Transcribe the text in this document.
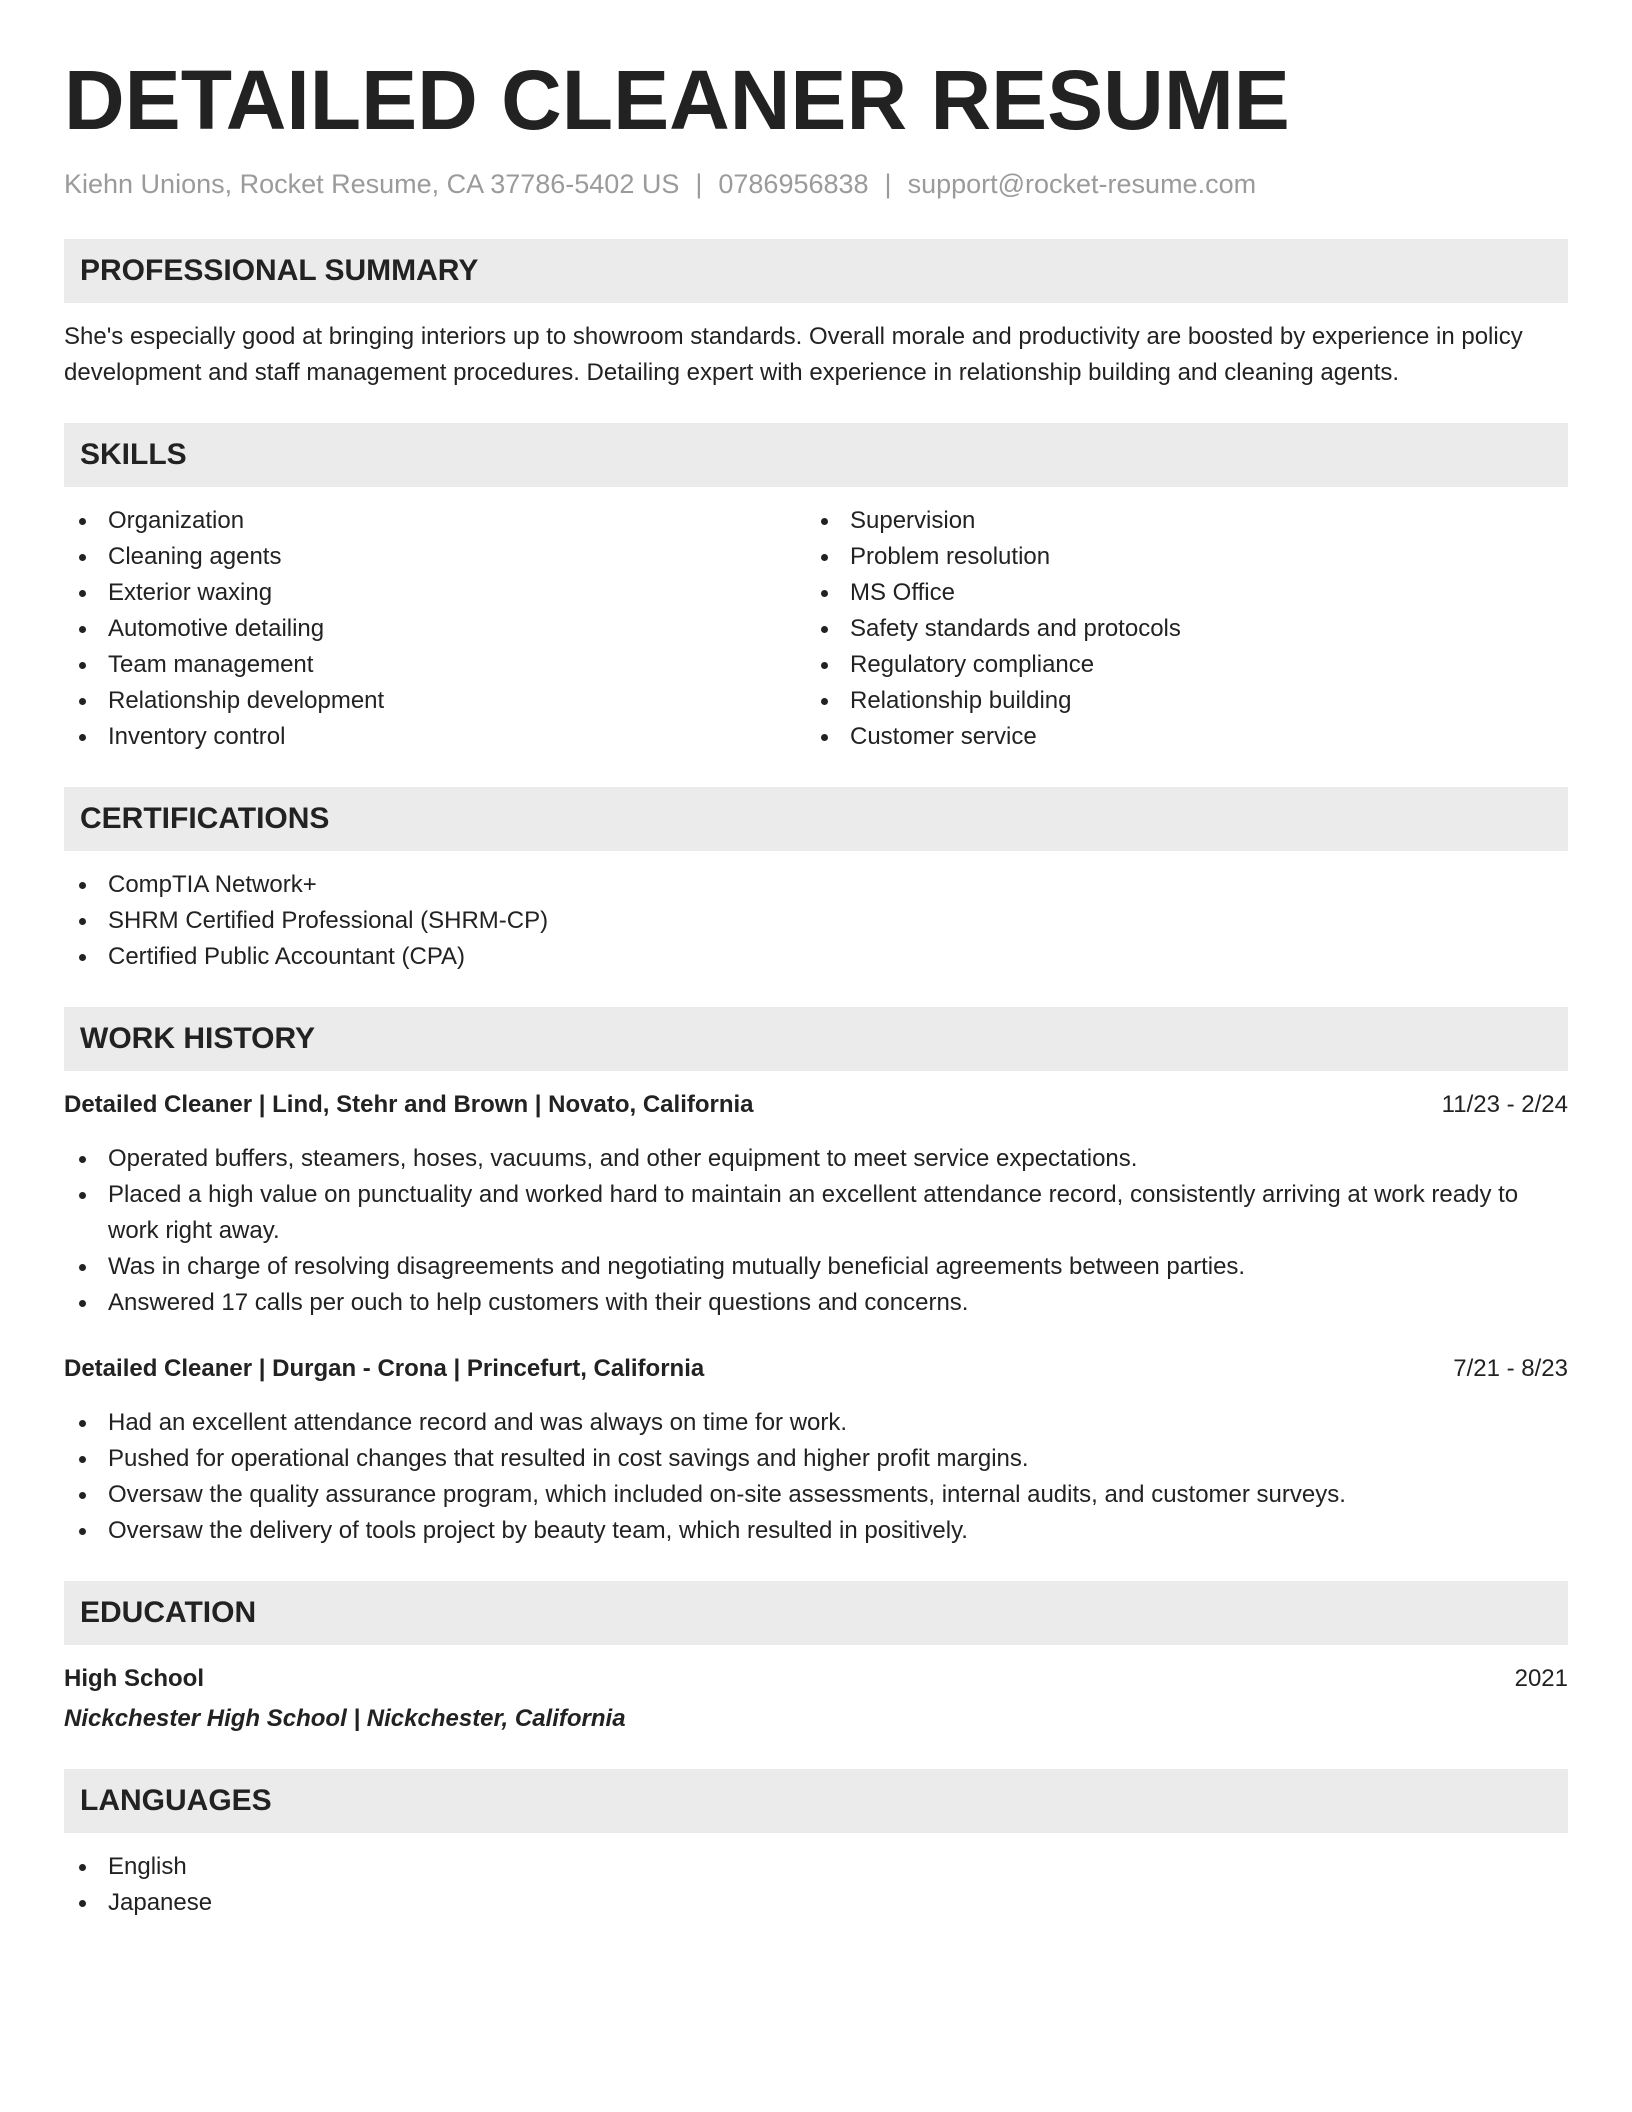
DETAILED CLEANER RESUME
Kiehn Unions, Rocket Resume, CA 37786-5402 US | 0786956838 | support@rocket-resume.com
PROFESSIONAL SUMMARY
She's especially good at bringing interiors up to showroom standards. Overall morale and productivity are boosted by experience in policy development and staff management procedures. Detailing expert with experience in relationship building and cleaning agents.
SKILLS
Organization
Cleaning agents
Exterior waxing
Automotive detailing
Team management
Relationship development
Inventory control
Supervision
Problem resolution
MS Office
Safety standards and protocols
Regulatory compliance
Relationship building
Customer service
CERTIFICATIONS
CompTIA Network+
SHRM Certified Professional (SHRM-CP)
Certified Public Accountant (CPA)
WORK HISTORY
Detailed Cleaner | Lind, Stehr and Brown | Novato, California	11/23 - 2/24
Operated buffers, steamers, hoses, vacuums, and other equipment to meet service expectations.
Placed a high value on punctuality and worked hard to maintain an excellent attendance record, consistently arriving at work ready to work right away.
Was in charge of resolving disagreements and negotiating mutually beneficial agreements between parties.
Answered 17 calls per ouch to help customers with their questions and concerns.
Detailed Cleaner | Durgan - Crona | Princefurt, California	7/21 - 8/23
Had an excellent attendance record and was always on time for work.
Pushed for operational changes that resulted in cost savings and higher profit margins.
Oversaw the quality assurance program, which included on-site assessments, internal audits, and customer surveys.
Oversaw the delivery of tools project by beauty team, which resulted in positively.
EDUCATION
High School	2021
Nickchester High School | Nickchester, California
LANGUAGES
English
Japanese
